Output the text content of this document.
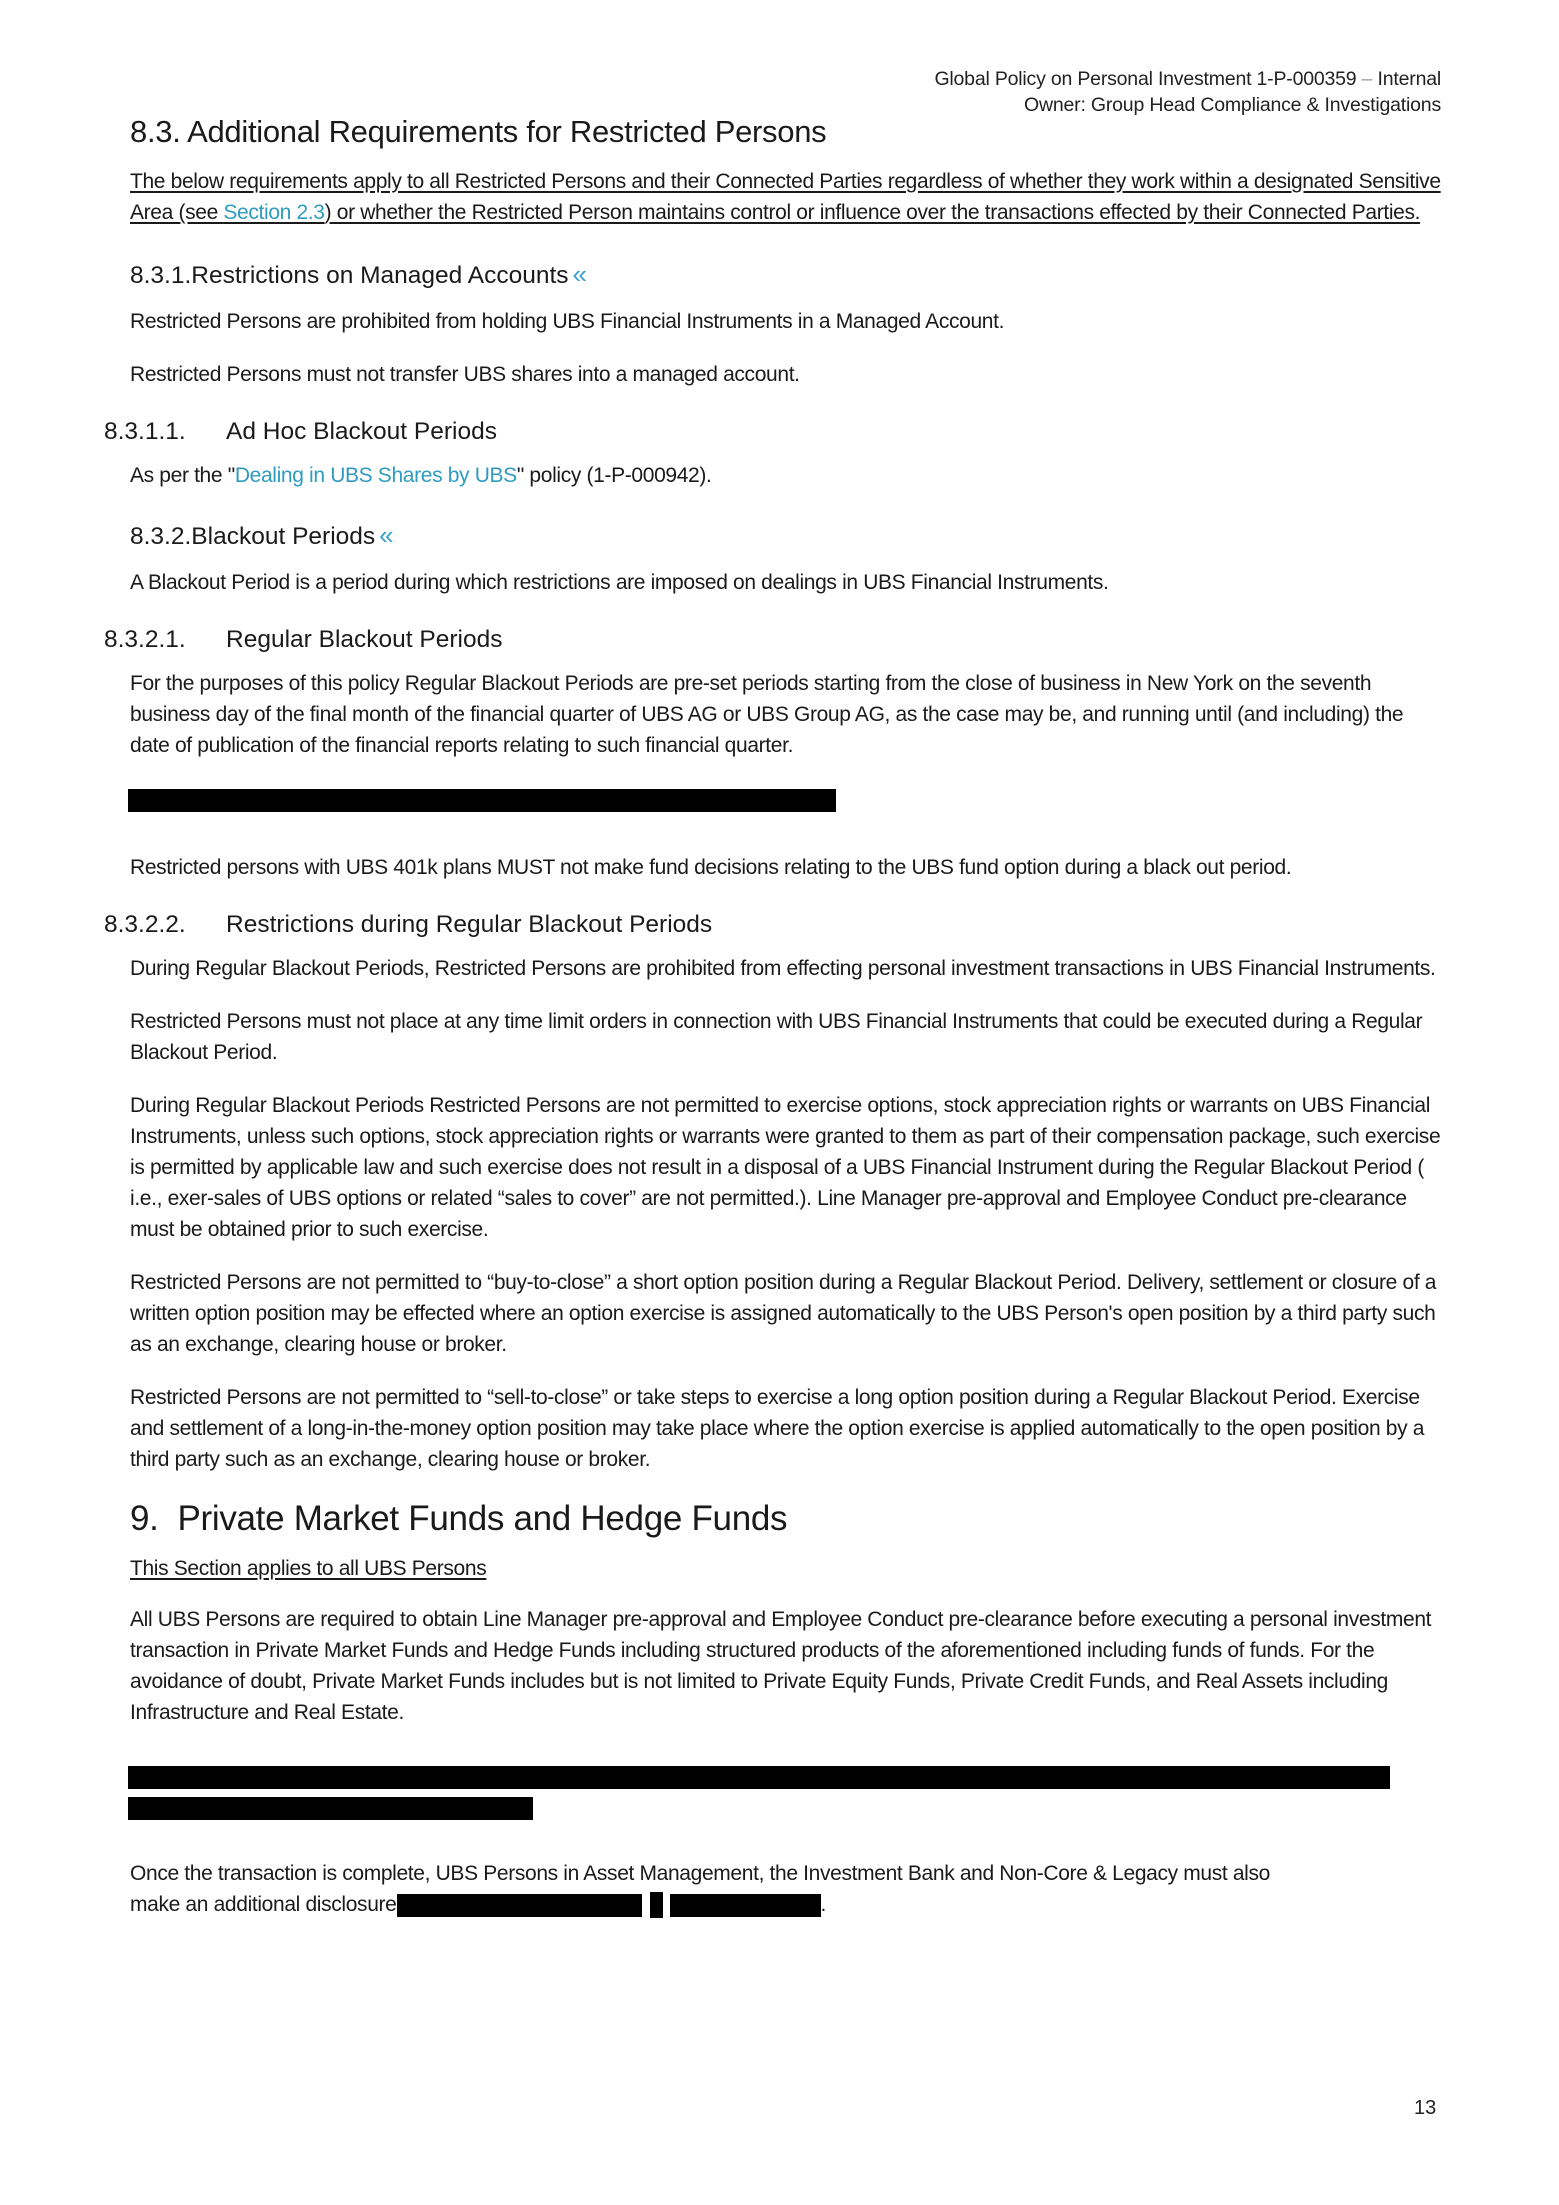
Global Policy on Personal Investment 1-P-000359 – Internal
Owner: Group Head Compliance & Investigations
8.3. Additional Requirements for Restricted Persons

The below requirements apply to all Restricted Persons and their Connected Parties regardless of whether they work within a designated Sensitive Area (see Section 2.3) or whether the Restricted Person maintains control or influence over the transactions effected by their Connected Parties.

8.3.1.Restrictions on Managed Accounts «

Restricted Persons are prohibited from holding UBS Financial Instruments in a Managed Account.

Restricted Persons must not transfer UBS shares into a managed account.

8.3.1.1. Ad Hoc Blackout Periods

As per the "Dealing in UBS Shares by UBS" policy (1-P-000942).

8.3.2.Blackout Periods «

A Blackout Period is a period during which restrictions are imposed on dealings in UBS Financial Instruments.

8.3.2.1. Regular Blackout Periods

For the purposes of this policy Regular Blackout Periods are pre-set periods starting from the close of business in New York on the seventh business day of the final month of the financial quarter of UBS AG or UBS Group AG, as the case may be, and running until (and including) the date of publication of the financial reports relating to such financial quarter.

Restricted persons with UBS 401k plans MUST not make fund decisions relating to the UBS fund option during a black out period.

8.3.2.2. Restrictions during Regular Blackout Periods

During Regular Blackout Periods, Restricted Persons are prohibited from effecting personal investment transactions in UBS Financial Instruments.

Restricted Persons must not place at any time limit orders in connection with UBS Financial Instruments that could be executed during a Regular Blackout Period.

During Regular Blackout Periods Restricted Persons are not permitted to exercise options, stock appreciation rights or warrants on UBS Financial Instruments, unless such options, stock appreciation rights or warrants were granted to them as part of their compensation package, such exercise is permitted by applicable law and such exercise does not result in a disposal of a UBS Financial Instrument during the Regular Blackout Period ( i.e., exer-sales of UBS options or related “sales to cover” are not permitted.). Line Manager pre-approval and Employee Conduct pre-clearance must be obtained prior to such exercise.

Restricted Persons are not permitted to “buy-to-close” a short option position during a Regular Blackout Period. Delivery, settlement or closure of a written option position may be effected where an option exercise is assigned automatically to the UBS Person's open position by a third party such as an exchange, clearing house or broker.

Restricted Persons are not permitted to “sell-to-close” or take steps to exercise a long option position during a Regular Blackout Period. Exercise and settlement of a long-in-the-money option position may take place where the option exercise is applied automatically to the open position by a third party such as an exchange, clearing house or broker.

9.  Private Market Funds and Hedge Funds

This Section applies to all UBS Persons

All UBS Persons are required to obtain Line Manager pre-approval and Employee Conduct pre-clearance before executing a personal investment transaction in Private Market Funds and Hedge Funds including structured products of the aforementioned including funds of funds. For the avoidance of doubt, Private Market Funds includes but is not limited to Private Equity Funds, Private Credit Funds, and Real Assets including Infrastructure and Real Estate.

Once the transaction is complete, UBS Persons in Asset Management, the Investment Bank and Non-Core & Legacy must also
make an additional disclosure	.

13
